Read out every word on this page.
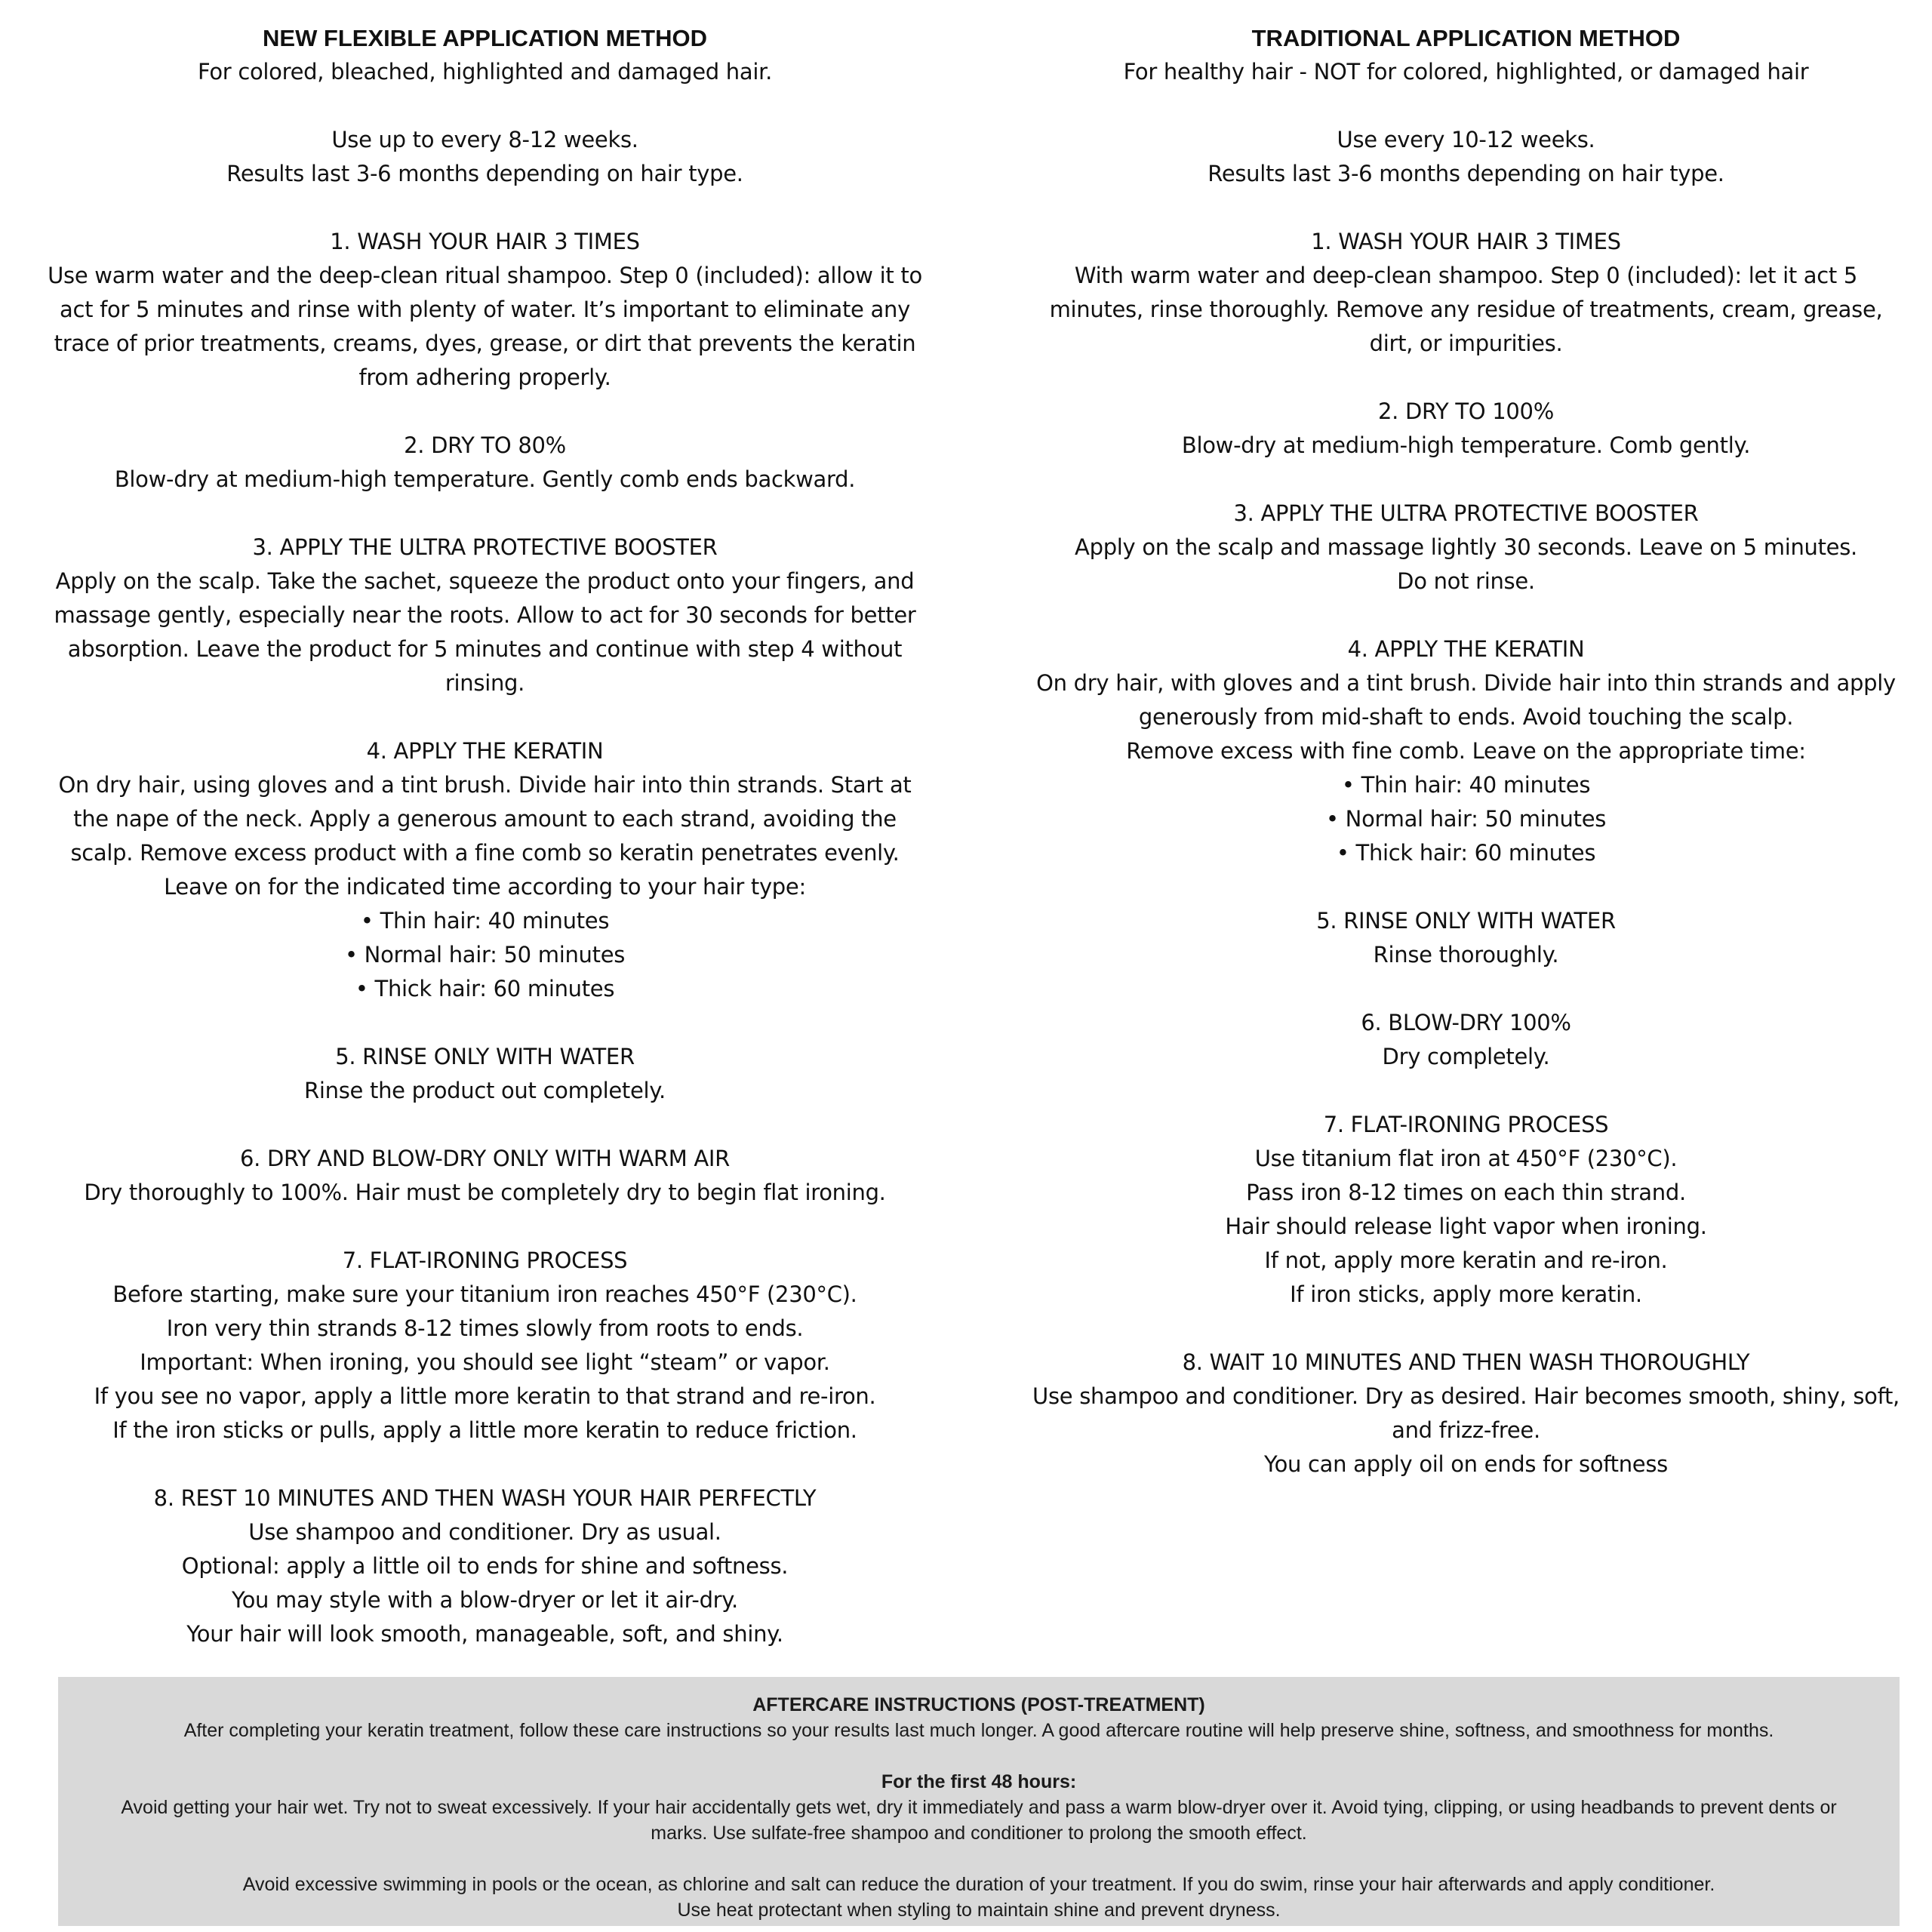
NEW FLEXIBLE APPLICATION METHOD
For colored, bleached, highlighted and damaged hair.
Use up to every 8-12 weeks.
Results last 3-6 months depending on hair type.
1. WASH YOUR HAIR 3 TIMES
Use warm water and the deep-clean ritual shampoo. Step 0 (included): allow it to act for 5 minutes and rinse with plenty of water. It’s important to eliminate any trace of prior treatments, creams, dyes, grease, or dirt that prevents the keratin from adhering properly.
2. DRY TO 80%
Blow-dry at medium-high temperature. Gently comb ends backward.
3. APPLY THE ULTRA PROTECTIVE BOOSTER
Apply on the scalp. Take the sachet, squeeze the product onto your fingers, and massage gently, especially near the roots. Allow to act for 30 seconds for better absorption. Leave the product for 5 minutes and continue with step 4 without rinsing.
4. APPLY THE KERATIN
On dry hair, using gloves and a tint brush. Divide hair into thin strands. Start at the nape of the neck. Apply a generous amount to each strand, avoiding the scalp. Remove excess product with a fine comb so keratin penetrates evenly. Leave on for the indicated time according to your hair type:
• Thin hair: 40 minutes
• Normal hair: 50 minutes
• Thick hair: 60 minutes
5. RINSE ONLY WITH WATER
Rinse the product out completely.
6. DRY AND BLOW-DRY ONLY WITH WARM AIR
Dry thoroughly to 100%. Hair must be completely dry to begin flat ironing.
7. FLAT-IRONING PROCESS
Before starting, make sure your titanium iron reaches 450°F (230°C).
Iron very thin strands 8-12 times slowly from roots to ends.
Important: When ironing, you should see light “steam” or vapor.
If you see no vapor, apply a little more keratin to that strand and re-iron.
If the iron sticks or pulls, apply a little more keratin to reduce friction.
8. REST 10 MINUTES AND THEN WASH YOUR HAIR PERFECTLY
Use shampoo and conditioner. Dry as usual.
Optional: apply a little oil to ends for shine and softness.
You may style with a blow-dryer or let it air-dry.
Your hair will look smooth, manageable, soft, and shiny.
TRADITIONAL APPLICATION METHOD
For healthy hair - NOT for colored, highlighted, or damaged hair
Use every 10-12 weeks.
Results last 3-6 months depending on hair type.
1. WASH YOUR HAIR 3 TIMES
With warm water and deep-clean shampoo. Step 0 (included): let it act 5 minutes, rinse thoroughly. Remove any residue of treatments, cream, grease, dirt, or impurities.
2. DRY TO 100%
Blow-dry at medium-high temperature. Comb gently.
3. APPLY THE ULTRA PROTECTIVE BOOSTER
Apply on the scalp and massage lightly 30 seconds. Leave on 5 minutes.
Do not rinse.
4. APPLY THE KERATIN
On dry hair, with gloves and a tint brush. Divide hair into thin strands and apply generously from mid-shaft to ends. Avoid touching the scalp.
Remove excess with fine comb. Leave on the appropriate time:
• Thin hair: 40 minutes
• Normal hair: 50 minutes
• Thick hair: 60 minutes
5. RINSE ONLY WITH WATER
Rinse thoroughly.
6. BLOW-DRY 100%
Dry completely.
7. FLAT-IRONING PROCESS
Use titanium flat iron at 450°F (230°C).
Pass iron 8-12 times on each thin strand.
Hair should release light vapor when ironing.
If not, apply more keratin and re-iron.
If iron sticks, apply more keratin.
8. WAIT 10 MINUTES AND THEN WASH THOROUGHLY
Use shampoo and conditioner. Dry as desired. Hair becomes smooth, shiny, soft, and frizz-free.
You can apply oil on ends for softness
AFTERCARE INSTRUCTIONS (POST-TREATMENT)
After completing your keratin treatment, follow these care instructions so your results last much longer. A good aftercare routine will help preserve shine, softness, and smoothness for months.
For the first 48 hours:
Avoid getting your hair wet. Try not to sweat excessively. If your hair accidentally gets wet, dry it immediately and pass a warm blow-dryer over it. Avoid tying, clipping, or using headbands to prevent dents or marks. Use sulfate-free shampoo and conditioner to prolong the smooth effect.
Avoid excessive swimming in pools or the ocean, as chlorine and salt can reduce the duration of your treatment. If you do swim, rinse your hair afterwards and apply conditioner.
Use heat protectant when styling to maintain shine and prevent dryness.
